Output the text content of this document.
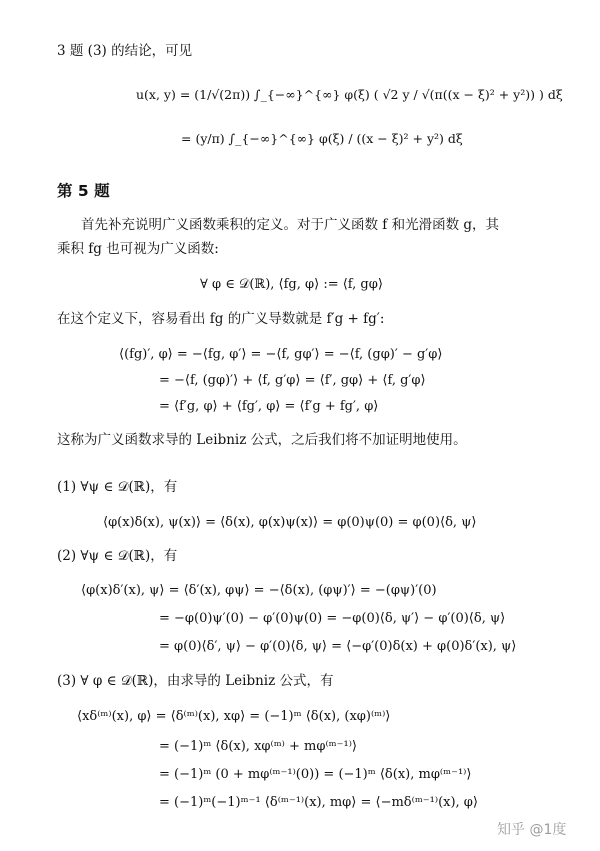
3 题 (3) 的结论，可见
u(x, y) = (1/√(2π)) ∫_{−∞}^{∞} φ(ξ) ( √2 y / √(π((x − ξ)² + y²)) ) dξ
= (y/π) ∫_{−∞}^{∞} φ(ξ) / ((x − ξ)² + y²) dξ
第 5 题
首先补充说明广义函数乘积的定义。对于广义函数 f 和光滑函数 g，其
乘积 fg 也可视为广义函数:
∀ φ ∈ 𝒟(ℝ), ⟨fg, φ⟩ := ⟨f, gφ⟩
在这个定义下，容易看出 fg 的广义导数就是 f′g + fg′:
⟨(fg)′, φ⟩ = −⟨fg, φ′⟩ = −⟨f, gφ′⟩ = −⟨f, (gφ)′ − g′φ⟩
= −⟨f, (gφ)′⟩ + ⟨f, g′φ⟩ = ⟨f′, gφ⟩ + ⟨f, g′φ⟩
= ⟨f′g, φ⟩ + ⟨fg′, φ⟩ = ⟨f′g + fg′, φ⟩
这称为广义函数求导的 Leibniz 公式，之后我们将不加证明地使用。
(1) ∀ψ ∈ 𝒟(ℝ)，有
⟨φ(x)δ(x), ψ(x)⟩ = ⟨δ(x), φ(x)ψ(x)⟩ = φ(0)ψ(0) = φ(0)⟨δ, ψ⟩
(2) ∀ψ ∈ 𝒟(ℝ)，有
⟨φ(x)δ′(x), ψ⟩ = ⟨δ′(x), φψ⟩ = −⟨δ(x), (φψ)′⟩ = −(φψ)′(0)
= −φ(0)ψ′(0) − φ′(0)ψ(0) = −φ(0)⟨δ, ψ′⟩ − φ′(0)⟨δ, ψ⟩
= φ(0)⟨δ′, ψ⟩ − φ′(0)⟨δ, ψ⟩ = ⟨−φ′(0)δ(x) + φ(0)δ′(x), ψ⟩
(3) ∀ φ ∈ 𝒟(ℝ)，由求导的 Leibniz 公式，有
⟨xδ⁽ᵐ⁾(x), φ⟩ = ⟨δ⁽ᵐ⁾(x), xφ⟩ = (−1)ᵐ ⟨δ(x), (xφ)⁽ᵐ⁾⟩
= (−1)ᵐ ⟨δ(x), xφ⁽ᵐ⁾ + mφ⁽ᵐ⁻¹⁾⟩
= (−1)ᵐ (0 + mφ⁽ᵐ⁻¹⁾(0)) = (−1)ᵐ ⟨δ(x), mφ⁽ᵐ⁻¹⁾⟩
= (−1)ᵐ(−1)ᵐ⁻¹ ⟨δ⁽ᵐ⁻¹⁾(x), mφ⟩ = ⟨−mδ⁽ᵐ⁻¹⁾(x), φ⟩
知乎 @1度
